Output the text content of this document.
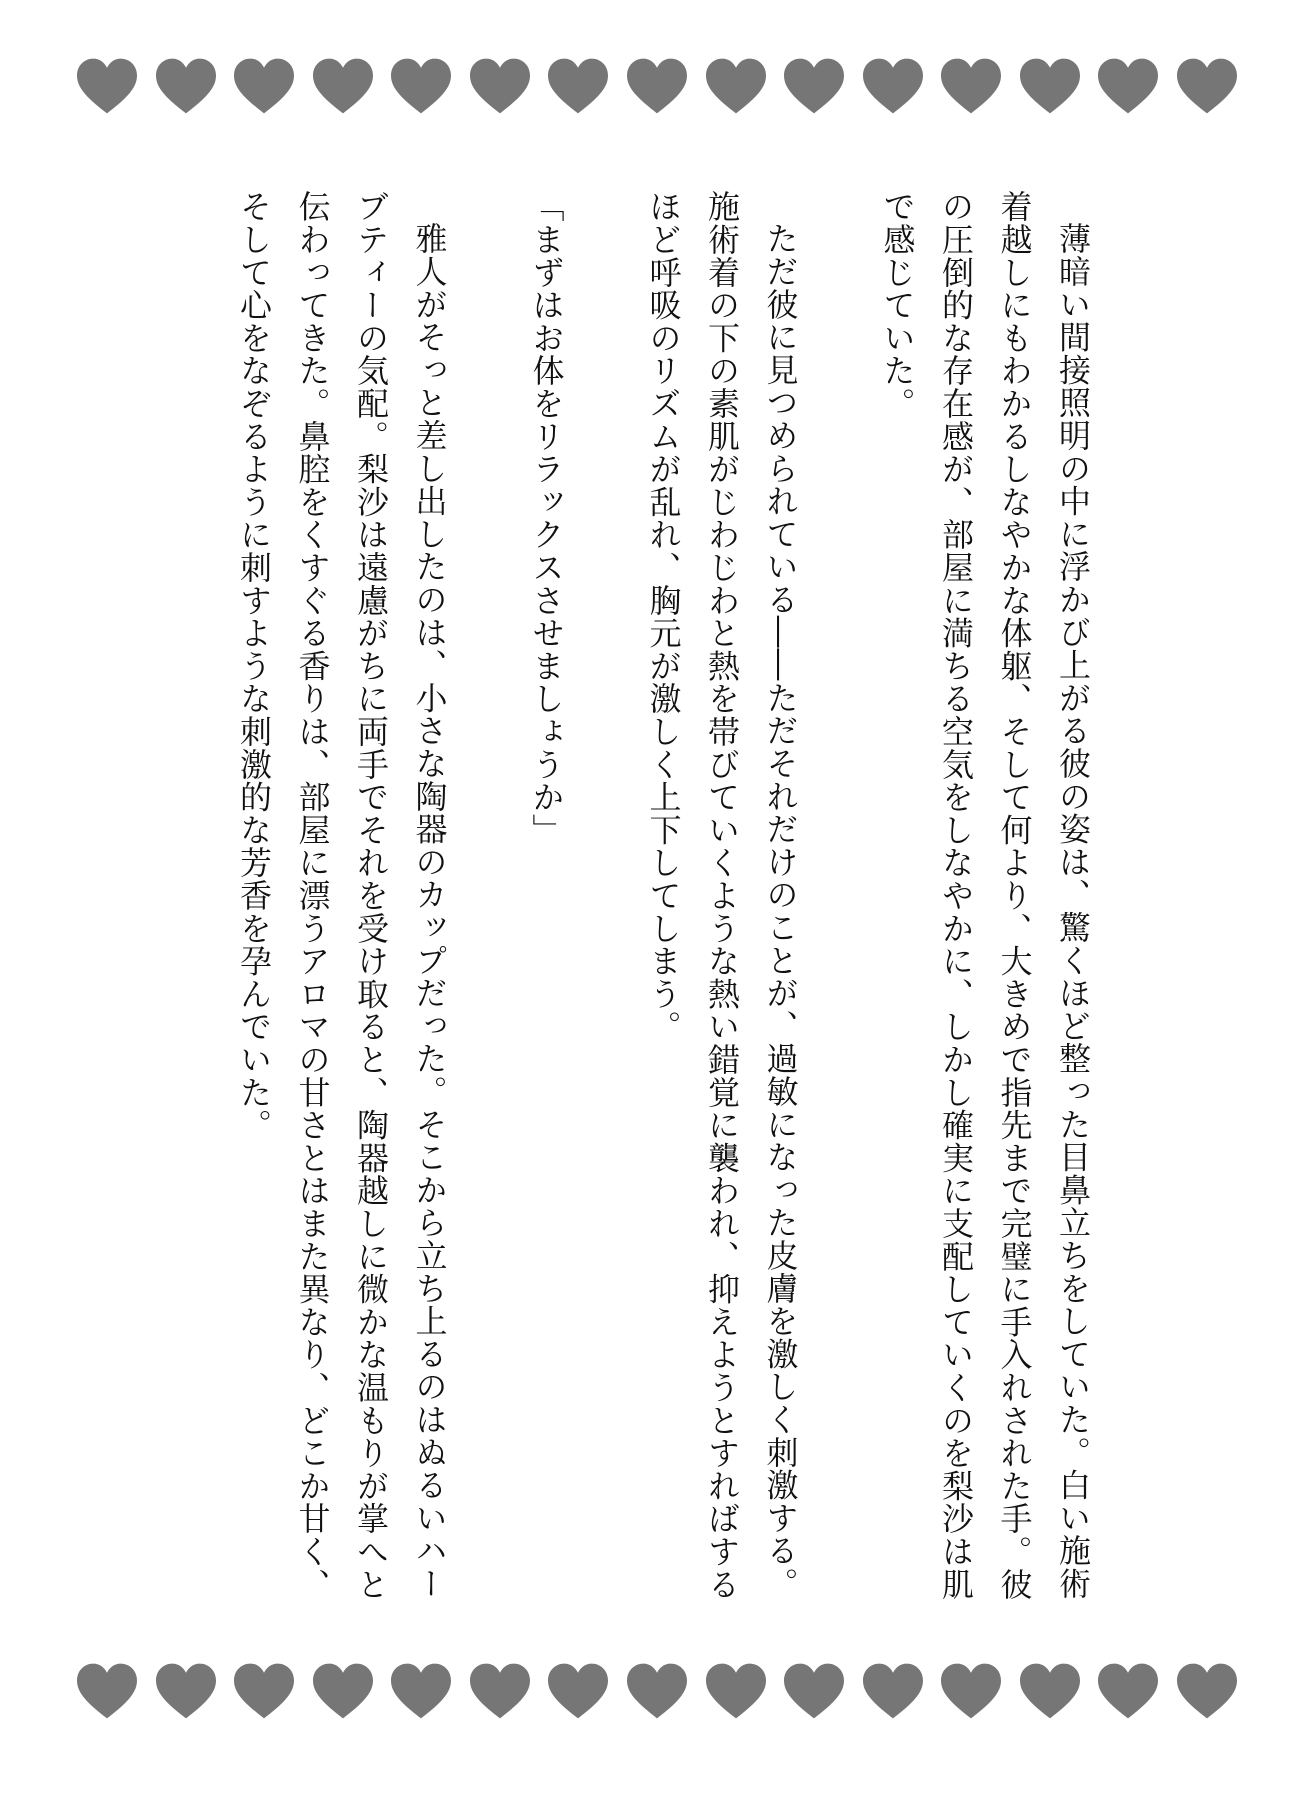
薄暗い間接照明の中に浮かび上がる彼の姿は、驚くほど整った目鼻立ちをしていた。白い施術着越しにもわかるしなやかな体躯、そして何より、大きめで指先まで完璧に手入れされた手。彼の圧倒的な存在感が、部屋に満ちる空気をしなやかに、しかし確実に支配していくのを梨沙は肌で感じていた。

ただ彼に見つめられている――ただそれだけのことが、過敏になった皮膚を激しく刺激する。施術着の下の素肌がじわじわと熱を帯びていくような熱い錯覚に襲われ、抑えようとすればするほど呼吸のリズムが乱れ、胸元が激しく上下してしまう。

「まずはお体をリラックスさせましょうか」

雅人がそっと差し出したのは、小さな陶器のカップだった。そこから立ち上るのはぬるいハーブティーの気配。梨沙は遠慮がちに両手でそれを受け取ると、陶器越しに微かな温もりが掌へと伝わってきた。鼻腔をくすぐる香りは、部屋に漂うアロマの甘さとはまた異なり、どこか甘く、そして心をなぞるように刺すような刺激的な芳香を孕んでいた。
